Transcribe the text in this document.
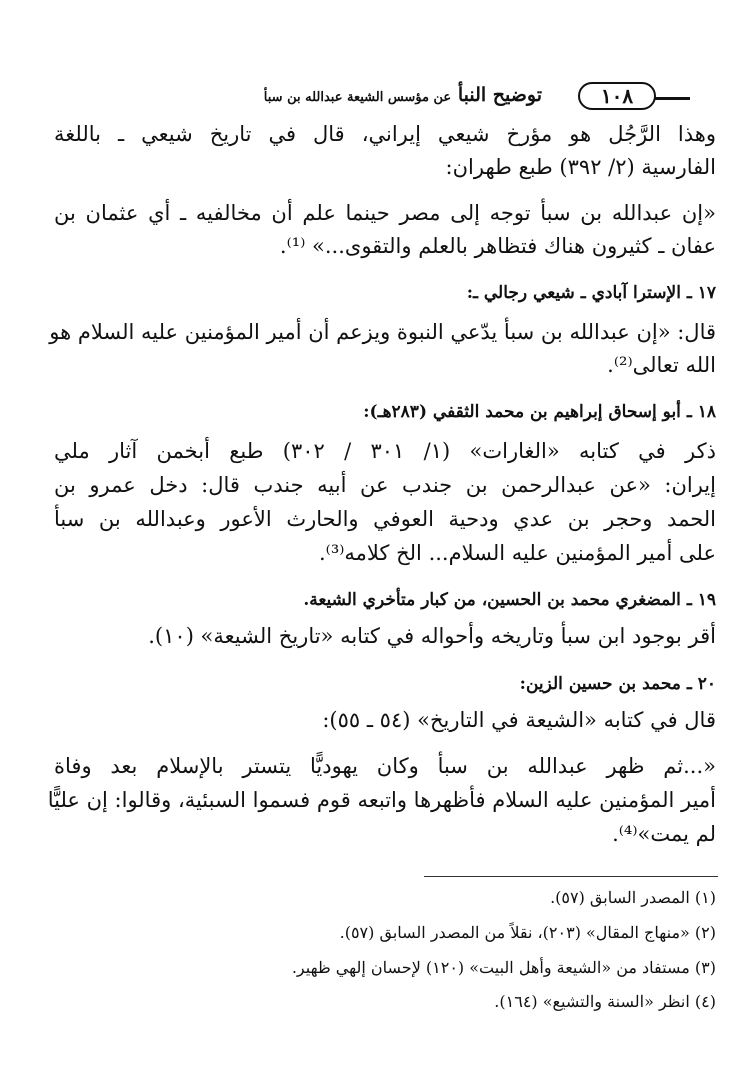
توضيح النبأ عن مؤسس الشيعة عبدالله بن سبأ	١٠٨
وهذا الرَّجُل هو مؤرخ شيعي إيراني، قال في تاريخ شيعي ـ باللغة
الفارسية (٢/ ٣٩٢) طبع طهران:
«إن عبدالله بن سبأ توجه إلى مصر حينما علم أن مخالفيه ـ أي عثمان بن
عفان ـ كثيرون هناك فتظاهر بالعلم والتقوى...» ⁽¹⁾.
١٧ ـ الإسترا آبادي ـ شيعي رجالي ـ:
قال: «إن عبدالله بن سبأ يدّعي النبوة ويزعم أن أمير المؤمنين عليه السلام هو
الله تعالى⁽²⁾.
١٨ ـ أبو إسحاق إبراهيم بن محمد الثقفي (٢٨٣هـ):
ذكر في كتابه «الغارات» (١/ ٣٠١ / ٣٠٢) طبع أبخمن آثار ملي
إيران: «عن عبدالرحمن بن جندب عن أبيه جندب قال: دخل عمرو بن
الحمد وحجر بن عدي ودحية العوفي والحارث الأعور وعبدالله بن سبأ
على أمير المؤمنين عليه السلام... الخ كلامه⁽³⁾.
١٩ ـ المضغري محمد بن الحسين، من كبار متأخري الشيعة.
أقر بوجود ابن سبأ وتاريخه وأحواله في كتابه «تاريخ الشيعة» (١٠).
٢٠ ـ محمد بن حسين الزين:
قال في كتابه «الشيعة في التاريخ» (٥٤ ـ ٥٥):
«...ثم ظهر عبدالله بن سبأ وكان يهوديًّا يتستر بالإسلام بعد وفاة
أمير المؤمنين عليه السلام فأظهرها واتبعه قوم فسموا السبئية، وقالوا: إن عليًّا
لم يمت»⁽⁴⁾.
(١) المصدر السابق (٥٧).
(٢) «منهاج المقال» (٢٠٣)، نقلاً من المصدر السابق (٥٧).
(٣) مستفاد من «الشيعة وأهل البيت» (١٢٠) لإحسان إلهي ظهير.
(٤) انظر «السنة والتشيع» (١٦٤).
